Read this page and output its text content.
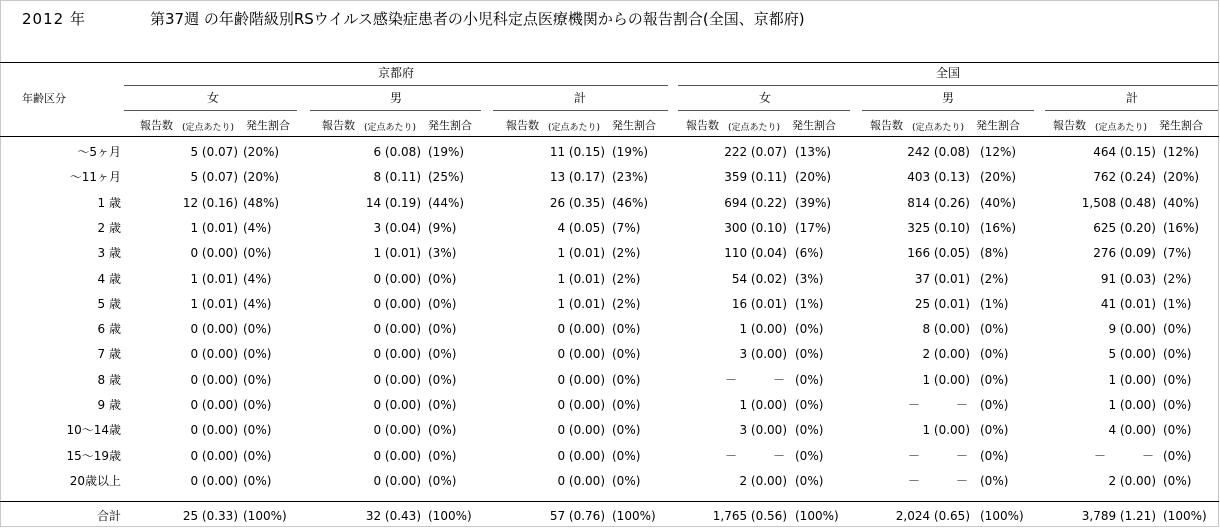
2012 年	第37週 の年齢階級別RSウイルス感染症患者の小児科定点医療機関からの報告割合(全国、京都府)
年齢区分
京都府	全国
女	男	計	女	男	計
報告数 (定点あたり) 発生割合	報告数 (定点あたり) 発生割合	報告数 (定点あたり) 発生割合	報告数 (定点あたり) 発生割合	報告数 (定点あたり) 発生割合	報告数 (定点あたり) 発生割合
〜5ヶ月	5 (0.07) (20%)	6 (0.08) (19%)	11 (0.15) (19%)	222 (0.07) (13%)	242 (0.08) (12%)	464 (0.15) (12%)
〜11ヶ月	5 (0.07) (20%)	8 (0.11) (25%)	13 (0.17) (23%)	359 (0.11) (20%)	403 (0.13) (20%)	762 (0.24) (20%)
1 歳	12 (0.16) (48%)	14 (0.19) (44%)	26 (0.35) (46%)	694 (0.22) (39%)	814 (0.26) (40%)	1,508 (0.48) (40%)
2 歳	1 (0.01) (4%)	3 (0.04) (9%)	4 (0.05) (7%)	300 (0.10) (17%)	325 (0.10) (16%)	625 (0.20) (16%)
3 歳	0 (0.00) (0%)	1 (0.01) (3%)	1 (0.01) (2%)	110 (0.04) (6%)	166 (0.05) (8%)	276 (0.09) (7%)
4 歳	1 (0.01) (4%)	0 (0.00) (0%)	1 (0.01) (2%)	54 (0.02) (3%)	37 (0.01) (2%)	91 (0.03) (2%)
5 歳	1 (0.01) (4%)	0 (0.00) (0%)	1 (0.01) (2%)	16 (0.01) (1%)	25 (0.01) (1%)	41 (0.01) (1%)
6 歳	0 (0.00) (0%)	0 (0.00) (0%)	0 (0.00) (0%)	1 (0.00) (0%)	8 (0.00) (0%)	9 (0.00) (0%)
7 歳	0 (0.00) (0%)	0 (0.00) (0%)	0 (0.00) (0%)	3 (0.00) (0%)	2 (0.00) (0%)	5 (0.00) (0%)
8 歳	0 (0.00) (0%)	0 (0.00) (0%)	0 (0.00) (0%)	－　　　－ (0%)	1 (0.00) (0%)	1 (0.00) (0%)
9 歳	0 (0.00) (0%)	0 (0.00) (0%)	0 (0.00) (0%)	1 (0.00) (0%)	－　　　－ (0%)	1 (0.00) (0%)
10〜14歳	0 (0.00) (0%)	0 (0.00) (0%)	0 (0.00) (0%)	3 (0.00) (0%)	1 (0.00) (0%)	4 (0.00) (0%)
15〜19歳	0 (0.00) (0%)	0 (0.00) (0%)	0 (0.00) (0%)	－　　　－ (0%)	－　　　－ (0%)	－　　　－ (0%)
20歳以上	0 (0.00) (0%)	0 (0.00) (0%)	0 (0.00) (0%)	2 (0.00) (0%)	－　　　－ (0%)	2 (0.00) (0%)
合計	25 (0.33) (100%)	32 (0.43) (100%)	57 (0.76) (100%)	1,765 (0.56) (100%)	2,024 (0.65) (100%)	3,789 (1.21) (100%)
